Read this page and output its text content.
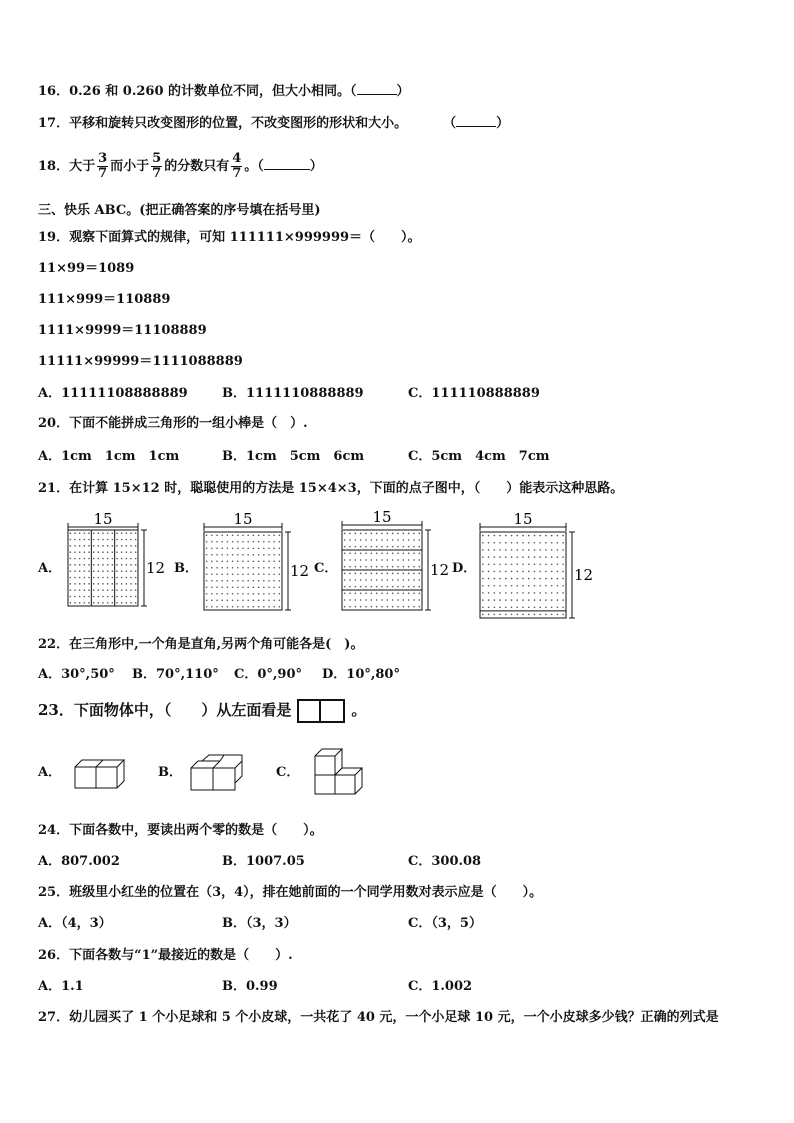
16．0.26 和 0.260 的计数单位不同，但大小相同。（	）
17．平移和旋转只改变图形的位置，不改变图形的形状和大小。	（	）
18．大于 $\frac{3}{7}$ 而小于 $\frac{5}{7}$ 的分数只有 $\frac{4}{7}$ 。（	）
三、快乐 ABC。(把正确答案的序号填在括号里)
19．观察下面算式的规律，可知 111111×999999＝（　　）。
11×99＝1089
111×999＝110889
1111×9999＝11108889
11111×99999＝1111088889
A．11111108888889	B．1111110888889	C．111110888889
20．下面不能拼成三角形的一组小棒是（　）.
A．1cm　1cm　1cm	B．1cm　5cm　6cm	C．5cm　4cm　7cm
21．在计算 15×12 时，聪聪使用的方法是 15×4×3，下面的点子图中，（　　）能表示这种思路。
A．	B．	C．	D．
15
12
15
12
15
12
15
12
22．在三角形中,一个角是直角,另两个角可能各是(　)。
A．30°,50° B．70°,110° C．0°,90° D．10°,80°
23．下面物体中，（　　）从左面看是	。
A．	B．	C．
24．下面各数中，要读出两个零的数是（　　）。
A．807.002	B．1007.05	C．300.08
25．班级里小红坐的位置在（3，4），排在她前面的一个同学用数对表示应是（　　）。
A．（4，3）	B．（3，3）	C．（3，5）
26．下面各数与“1”最接近的数是（　　）.
A．1.1	B．0.99	C．1.002
27．幼儿园买了 1 个小足球和 5 个小皮球，一共花了 40 元，一个小足球 10 元，一个小皮球多少钱？正确的列式是
